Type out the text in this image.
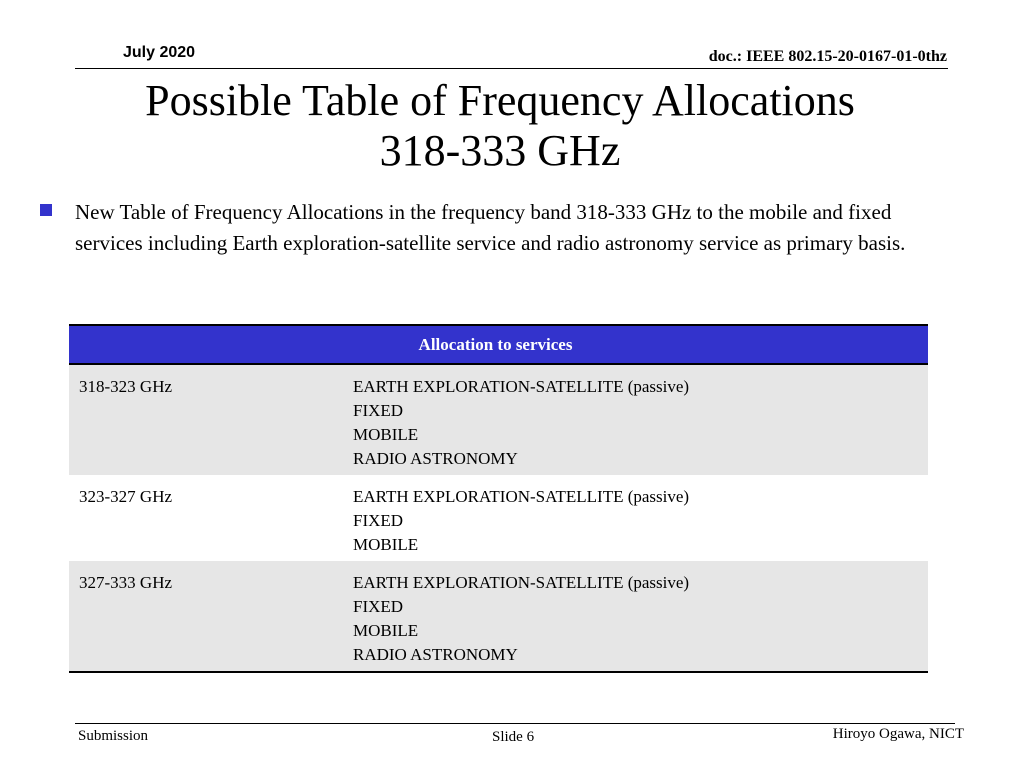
July 2020	doc.: IEEE 802.15-20-0167-01-0thz
Possible Table of Frequency Allocations
318-333 GHz
New Table of Frequency Allocations in the frequency band 318-333 GHz to the mobile and fixed services including Earth exploration-satellite service and radio astronomy service as primary basis.
Allocation to services	
318-323 GHz	EARTH EXPLORATION-SATELLITE (passive)
FIXED
MOBILE
RADIO ASTRONOMY

323-327 GHz	EARTH EXPLORATION-SATELLITE (passive)
FIXED
MOBILE

327-333 GHz	EARTH EXPLORATION-SATELLITE (passive)
FIXED
MOBILE
RADIO ASTRONOMY
Submission	Slide 6	Hiroyo Ogawa, NICT
